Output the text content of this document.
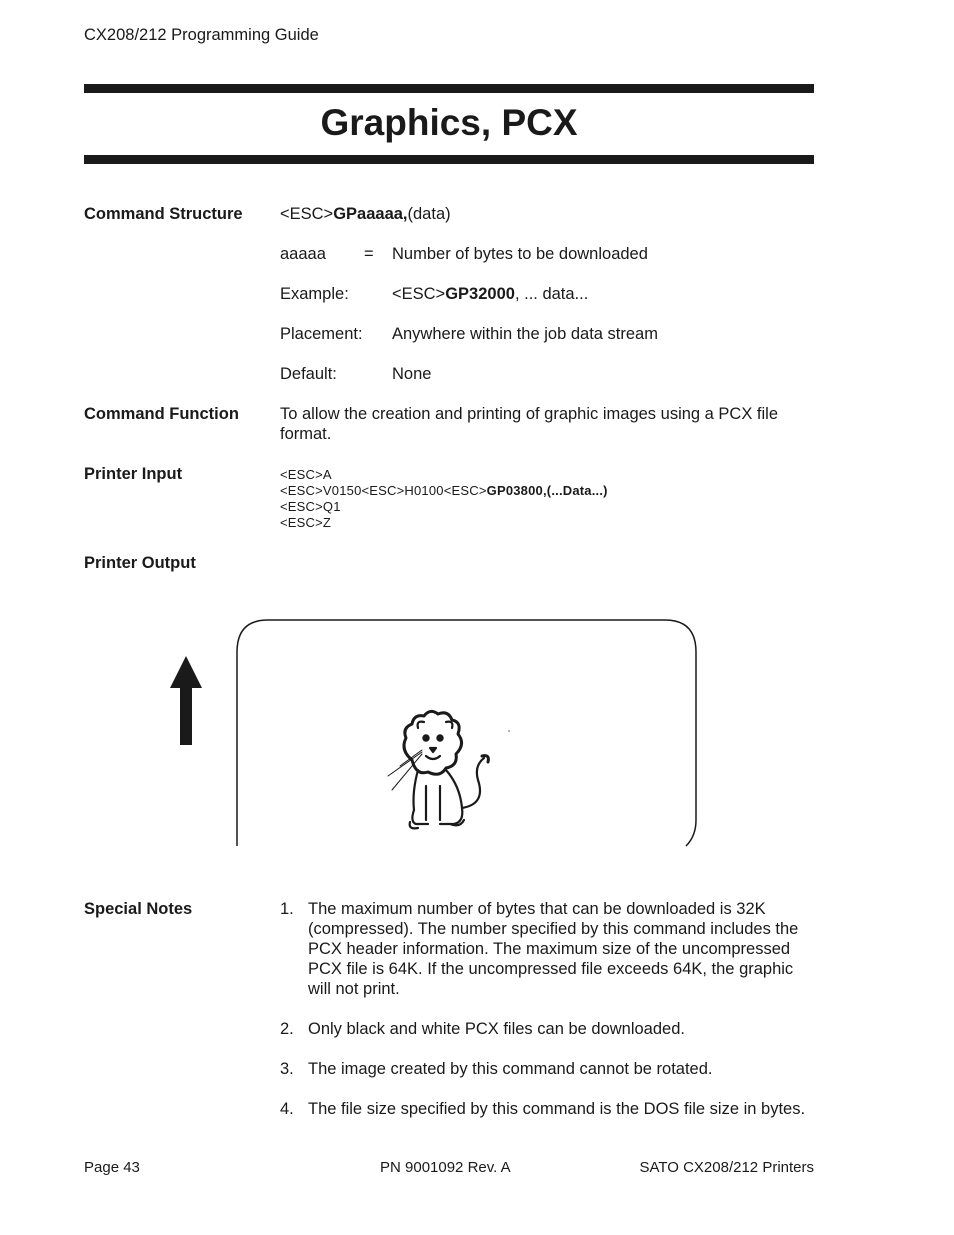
CX208/212 Programming Guide
Graphics, PCX
Command Structure <ESC>GPaaaaa,(data)
aaaaa = Number of bytes to be downloaded
Example:	<ESC>GP32000, ... data...
Placement: Anywhere within the job data stream
Default:	None
Command Function To allow the creation and printing of graphic images using a PCX file format.
Printer Input	<ESC>A
<ESC>V0150<ESC>H0100<ESC>GP03800,(...Data...)
<ESC>Q1
<ESC>Z
Printer Output
Special Notes	1. The maximum number of bytes that can be downloaded is 32K (compressed). The number specified by this command includes the PCX header information. The maximum size of the uncompressed PCX file is 64K. If the uncompressed file exceeds 64K, the graphic will not print.
2. Only black and white PCX files can be downloaded.
3. The image created by this command cannot be rotated.
4. The file size specified by this command is the DOS file size in bytes.
Page 43	PN 9001092 Rev. A	SATO CX208/212 Printers
